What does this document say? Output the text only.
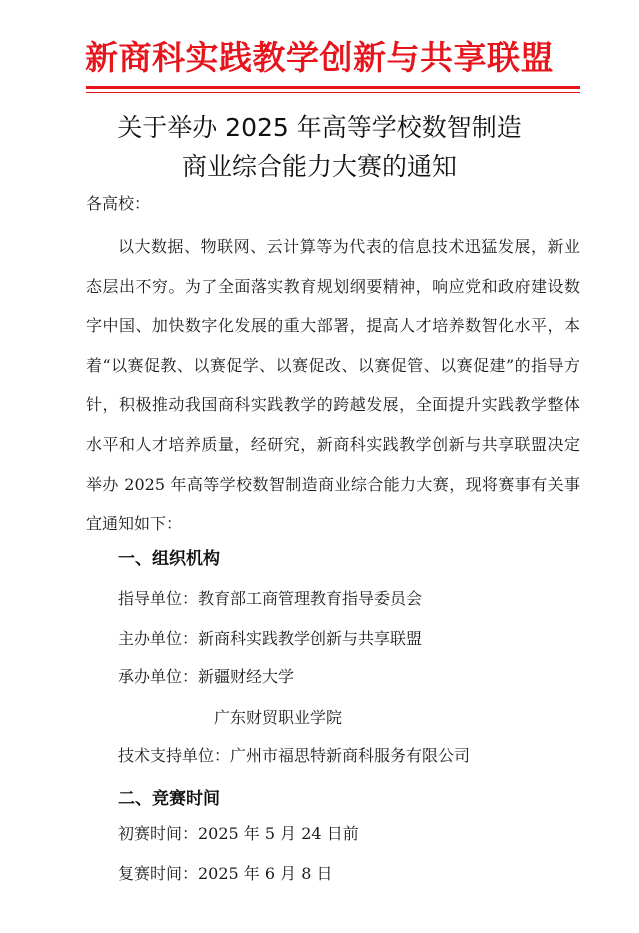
新商科实践教学创新与共享联盟
关于举办 2025 年高等学校数智制造
商业综合能力大赛的通知
各高校：
以大数据、物联网、云计算等为代表的信息技术迅猛发展，新业态层出不穷。为了全面落实教育规划纲要精神，响应党和政府建设数字中国、加快数字化发展的重大部署，提高人才培养数智化水平，本着“以赛促教、以赛促学、以赛促改、以赛促管、以赛促建”的指导方针，积极推动我国商科实践教学的跨越发展，全面提升实践教学整体水平和人才培养质量，经研究，新商科实践教学创新与共享联盟决定举办 2025 年高等学校数智制造商业综合能力大赛，现将赛事有关事宜通知如下：
一、组织机构
指导单位：教育部工商管理教育指导委员会
主办单位：新商科实践教学创新与共享联盟
承办单位：新疆财经大学
广东财贸职业学院
技术支持单位：广州市福思特新商科服务有限公司
二、竞赛时间
初赛时间：2025 年 5 月 24 日前
复赛时间：2025 年 6 月 8 日
